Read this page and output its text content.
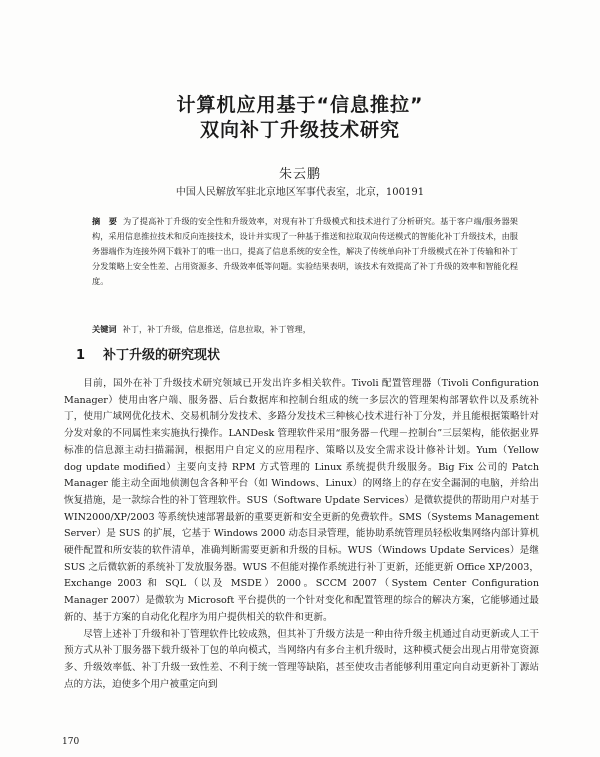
计算机应用基于“信息推拉”
双向补丁升级技术研究
朱云鹏
中国人民解放军驻北京地区军事代表室，北京，100191
摘　要 为了提高补丁升级的安全性和升级效率，对现有补丁升级模式和技术进行了分析研究。基于客户端/服务器架构，采用信息推拉技术和反向连接技术，设计并实现了一种基于推送和拉取双向传送模式的智能化补丁升级技术，由服务器端作为连接外网下载补丁的唯一出口，提高了信息系统的安全性，解决了传统单向补丁升级模式在补丁传输和补丁分发策略上安全性差、占用资源多、升级效率低等问题。实验结果表明，该技术有效提高了补丁升级的效率和智能化程度。
关键词 补丁，补丁升级，信息推送，信息拉取，补丁管理，
1 补丁升级的研究现状

目前，国外在补丁升级技术研究领域已开发出许多相关软件。Tivoli 配置管理器（Tivoli Configuration Manager）使用由客户端、服务器、后台数据库和控制台组成的统一多层次的管理架构部署软件以及系统补丁，使用广域网优化技术、交易机制分发技术、多路分发技术三种核心技术进行补丁分发，并且能根据策略针对分发对象的不同属性来实施执行操作。LANDesk 管理软件采用“服务器－代理－控制台”三层架构，能依据业界标准的信息源主动扫描漏洞，根据用户自定义的应用程序、策略以及安全需求设计修补计划。Yum（Yellow dog update modified）主要向支持 RPM 方式管理的 Linux 系统提供升级服务。Big Fix 公司的 Patch Manager 能主动全面地侦测包含各种平台（如 Windows、Linux）的网络上的存在安全漏洞的电脑，并给出恢复措施，是一款综合性的补丁管理软件。SUS（Software Update Services）是微软提供的帮助用户对基于 WIN2000/XP/2003 等系统快速部署最新的重要更新和安全更新的免费软件。SMS（Systems Management Server）是 SUS 的扩展，它基于 Windows 2000 动态目录管理，能协助系统管理员轻松收集网络内部计算机硬件配置和所安装的软件清单，准确判断需要更新和升级的目标。WUS（Windows Update Services）是继 SUS 之后微软新的系统补丁发放服务器。WUS 不但能对操作系统进行补丁更新，还能更新 Office XP/2003，Exchange 2003 和 SQL（以及 MSDE）2000。SCCM 2007（System Center Configuration Manager 2007）是微软为 Microsoft 平台提供的一个针对变化和配置管理的综合的解决方案，它能够通过最新的、基于方案的自动化化程序为用户提供相关的软件和更新。

尽管上述补丁升级和补丁管理软件比较成熟，但其补丁升级方法是一种由待升级主机通过自动更新或人工干预方式从补丁服务器下载升级补丁包的单向模式，当网络内有多台主机升级时，这种模式便会出现占用带宽资源多、升级效率低、补丁升级一致性差、不利于统一管理等缺陷，甚至使攻击者能够利用重定向自动更新补丁源站点的方法，迫使多个用户被重定向到

170
